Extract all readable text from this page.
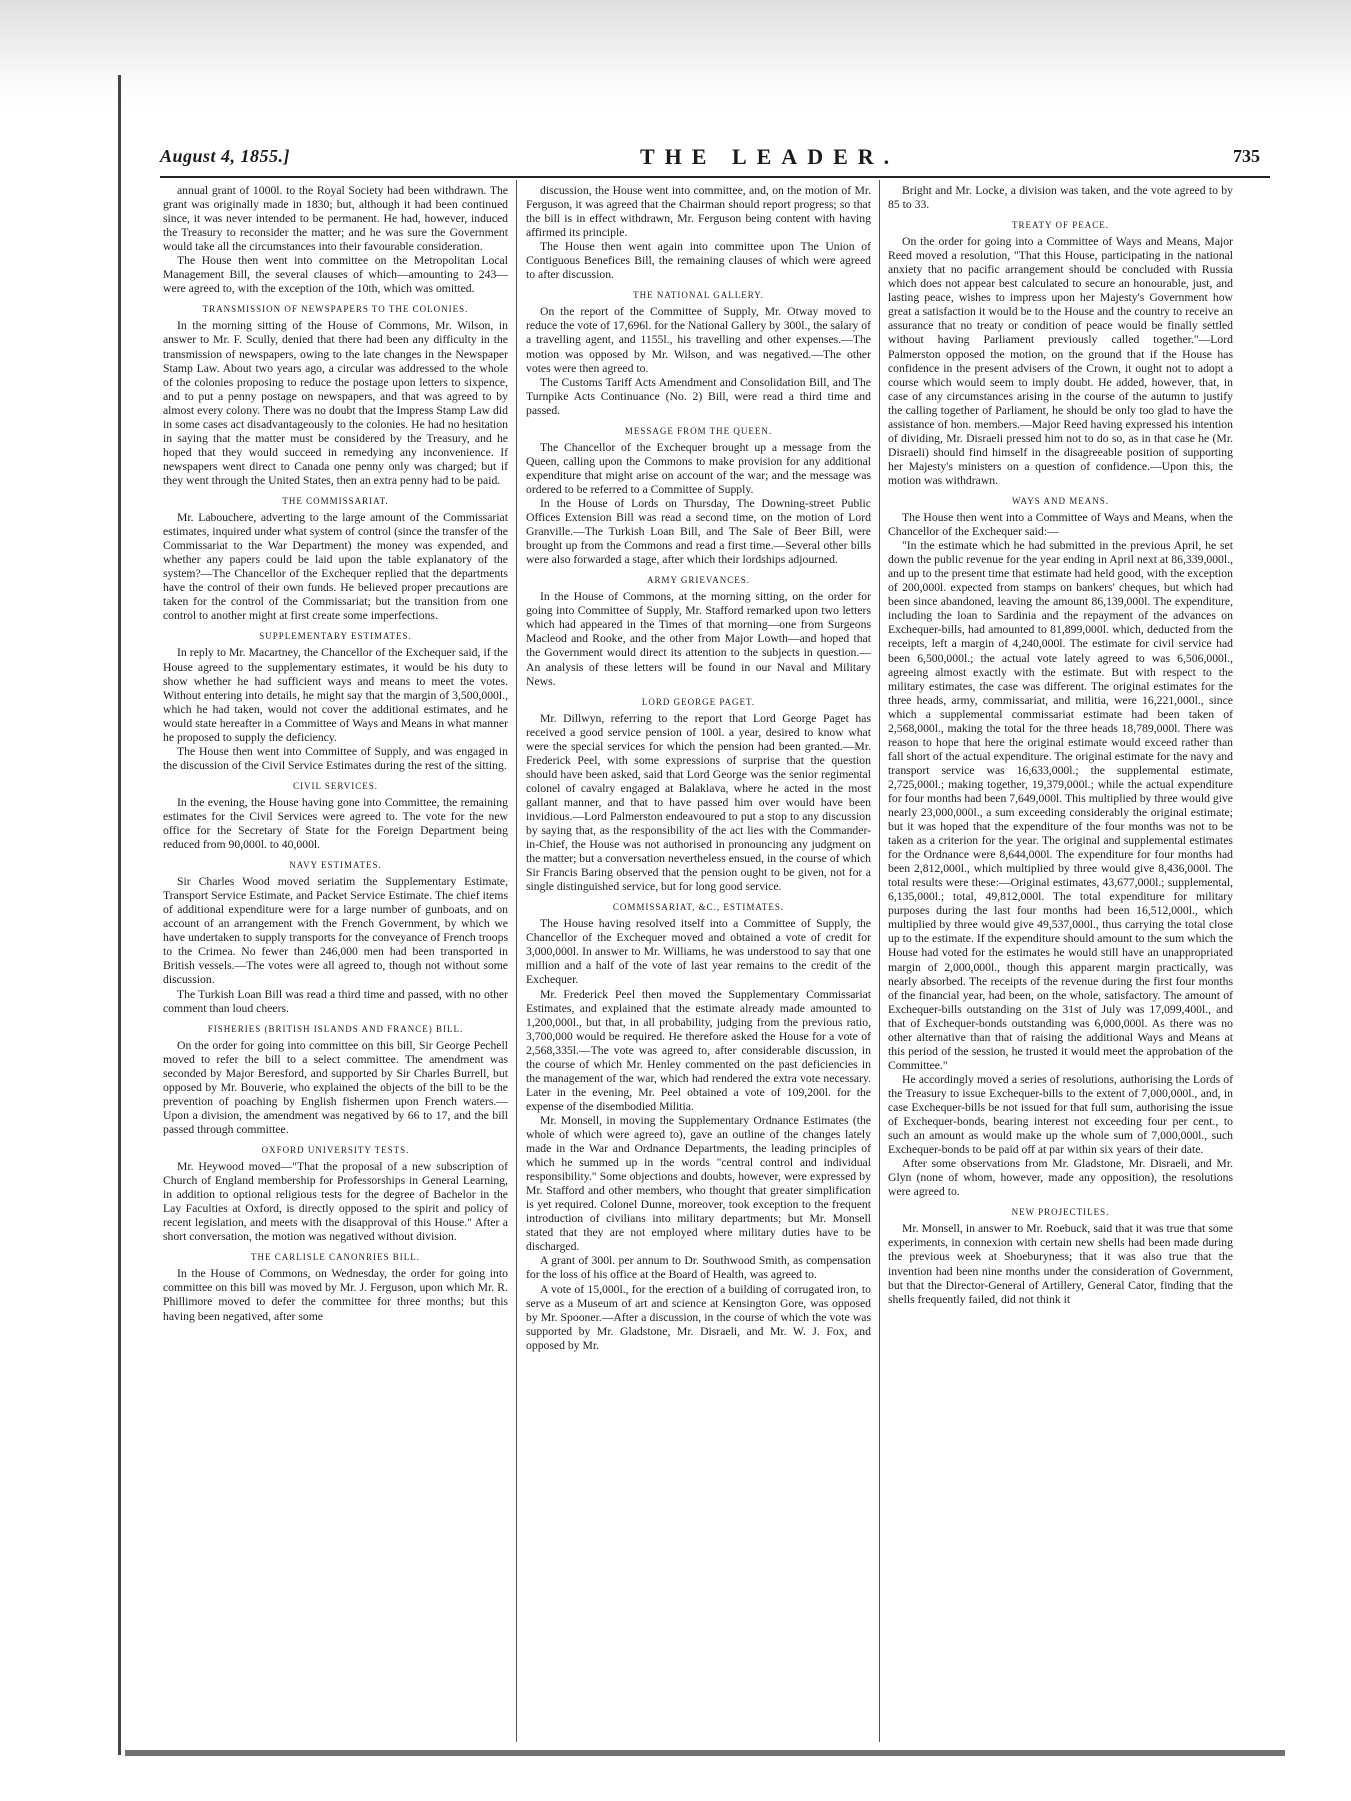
August 4, 1855.]	THE LEADER.	735

annual grant of 1000l. to the Royal Society had been withdrawn. The grant was originally made in 1830; but, although it had been continued since, it was never intended to be permanent. He had, however, induced the Treasury to reconsider the matter; and he was sure the Government would take all the circumstances into their favourable consideration.

The House then went into committee on the Metropolitan Local Management Bill, the several clauses of which—amounting to 243—were agreed to, with the exception of the 10th, which was omitted.

TRANSMISSION OF NEWSPAPERS TO THE COLONIES.

In the morning sitting of the House of Commons, Mr. Wilson, in answer to Mr. F. Scully, denied that there had been any difficulty in the transmission of newspapers, owing to the late changes in the Newspaper Stamp Law. About two years ago, a circular was addressed to the whole of the colonies proposing to reduce the postage upon letters to sixpence, and to put a penny postage on newspapers, and that was agreed to by almost every colony. There was no doubt that the Impress Stamp Law did in some cases act disadvantageously to the colonies. He had no hesitation in saying that the matter must be considered by the Treasury, and he hoped that they would succeed in remedying any inconvenience. If newspapers went direct to Canada one penny only was charged; but if they went through the United States, then an extra penny had to be paid.

THE COMMISSARIAT.

Mr. Labouchere, adverting to the large amount of the Commissariat estimates, inquired under what system of control (since the transfer of the Commissariat to the War Department) the money was expended, and whether any papers could be laid upon the table explanatory of the system?—The Chancellor of the Exchequer replied that the departments have the control of their own funds. He believed proper precautions are taken for the control of the Commissariat; but the transition from one control to another might at first create some imperfections.

SUPPLEMENTARY ESTIMATES.

In reply to Mr. Macartney, the Chancellor of the Exchequer said, if the House agreed to the supplementary estimates, it would be his duty to show whether he had sufficient ways and means to meet the votes. Without entering into details, he might say that the margin of 3,500,000l., which he had taken, would not cover the additional estimates, and he would state hereafter in a Committee of Ways and Means in what manner he proposed to supply the deficiency.

The House then went into Committee of Supply, and was engaged in the discussion of the Civil Service Estimates during the rest of the sitting.

CIVIL SERVICES.

In the evening, the House having gone into Committee, the remaining estimates for the Civil Services were agreed to. The vote for the new office for the Secretary of State for the Foreign Department being reduced from 90,000l. to 40,000l.

NAVY ESTIMATES.

Sir Charles Wood moved seriatim the Supplementary Estimate, Transport Service Estimate, and Packet Service Estimate. The chief items of additional expenditure were for a large number of gunboats, and on account of an arrangement with the French Government, by which we have undertaken to supply transports for the conveyance of French troops to the Crimea. No fewer than 246,000 men had been transported in British vessels.—The votes were all agreed to, though not without some discussion.

The Turkish Loan Bill was read a third time and passed, with no other comment than loud cheers.

FISHERIES (BRITISH ISLANDS AND FRANCE) BILL.

On the order for going into committee on this bill, Sir George Pechell moved to refer the bill to a select committee. The amendment was seconded by Major Beresford, and supported by Sir Charles Burrell, but opposed by Mr. Bouverie, who explained the objects of the bill to be the prevention of poaching by English fishermen upon French waters.—Upon a division, the amendment was negatived by 66 to 17, and the bill passed through committee.

OXFORD UNIVERSITY TESTS.

Mr. Heywood moved—"That the proposal of a new subscription of Church of England membership for Professorships in General Learning, in addition to optional religious tests for the degree of Bachelor in the Lay Faculties at Oxford, is directly opposed to the spirit and policy of recent legislation, and meets with the disapproval of this House." After a short conversation, the motion was negatived without division.

THE CARLISLE CANONRIES BILL.

In the House of Commons, on Wednesday, the order for going into committee on this bill was moved by Mr. J. Ferguson, upon which Mr. R. Phillimore moved to defer the committee for three months; but this having been negatived, after some

discussion, the House went into committee, and, on the motion of Mr. Ferguson, it was agreed that the Chairman should report progress; so that the bill is in effect withdrawn, Mr. Ferguson being content with having affirmed its principle.

The House then went again into committee upon The Union of Contiguous Benefices Bill, the remaining clauses of which were agreed to after discussion.

THE NATIONAL GALLERY.

On the report of the Committee of Supply, Mr. Otway moved to reduce the vote of 17,696l. for the National Gallery by 300l., the salary of a travelling agent, and 1155l., his travelling and other expenses.—The motion was opposed by Mr. Wilson, and was negatived.—The other votes were then agreed to.

The Customs Tariff Acts Amendment and Consolidation Bill, and The Turnpike Acts Continuance (No. 2) Bill, were read a third time and passed.

MESSAGE FROM THE QUEEN.

The Chancellor of the Exchequer brought up a message from the Queen, calling upon the Commons to make provision for any additional expenditure that might arise on account of the war; and the message was ordered to be referred to a Committee of Supply.

In the House of Lords on Thursday, The Downing-street Public Offices Extension Bill was read a second time, on the motion of Lord Granville.—The Turkish Loan Bill, and The Sale of Beer Bill, were brought up from the Commons and read a first time.—Several other bills were also forwarded a stage, after which their lordships adjourned.

ARMY GRIEVANCES.

In the House of Commons, at the morning sitting, on the order for going into Committee of Supply, Mr. Stafford remarked upon two letters which had appeared in the Times of that morning—one from Surgeons Macleod and Rooke, and the other from Major Lowth—and hoped that the Government would direct its attention to the subjects in question.—An analysis of these letters will be found in our Naval and Military News.

LORD GEORGE PAGET.

Mr. Dillwyn, referring to the report that Lord George Paget has received a good service pension of 100l. a year, desired to know what were the special services for which the pension had been granted.—Mr. Frederick Peel, with some expressions of surprise that the question should have been asked, said that Lord George was the senior regimental colonel of cavalry engaged at Balaklava, where he acted in the most gallant manner, and that to have passed him over would have been invidious.—Lord Palmerston endeavoured to put a stop to any discussion by saying that, as the responsibility of the act lies with the Commander-in-Chief, the House was not authorised in pronouncing any judgment on the matter; but a conversation nevertheless ensued, in the course of which Sir Francis Baring observed that the pension ought to be given, not for a single distinguished service, but for long good service.

COMMISSARIAT, &C., ESTIMATES.

The House having resolved itself into a Committee of Supply, the Chancellor of the Exchequer moved and obtained a vote of credit for 3,000,000l. In answer to Mr. Williams, he was understood to say that one million and a half of the vote of last year remains to the credit of the Exchequer.

Mr. Frederick Peel then moved the Supplementary Commissariat Estimates, and explained that the estimate already made amounted to 1,200,000l., but that, in all probability, judging from the previous ratio, 3,700,000 would be required. He therefore asked the House for a vote of 2,568,335l.—The vote was agreed to, after considerable discussion, in the course of which Mr. Henley commented on the past deficiencies in the management of the war, which had rendered the extra vote necessary. Later in the evening, Mr. Peel obtained a vote of 109,200l. for the expense of the disembodied Militia.

Mr. Monsell, in moving the Supplementary Ordnance Estimates (the whole of which were agreed to), gave an outline of the changes lately made in the War and Ordnance Departments, the leading principles of which he summed up in the words "central control and individual responsibility." Some objections and doubts, however, were expressed by Mr. Stafford and other members, who thought that greater simplification is yet required. Colonel Dunne, moreover, took exception to the frequent introduction of civilians into military departments; but Mr. Monsell stated that they are not employed where military duties have to be discharged.

A grant of 300l. per annum to Dr. Southwood Smith, as compensation for the loss of his office at the Board of Health, was agreed to.

A vote of 15,000l., for the erection of a building of corrugated iron, to serve as a Museum of art and science at Kensington Gore, was opposed by Mr. Spooner.—After a discussion, in the course of which the vote was supported by Mr. Gladstone, Mr. Disraeli, and Mr. W. J. Fox, and opposed by Mr.

Bright and Mr. Locke, a division was taken, and the vote agreed to by 85 to 33.

TREATY OF PEACE.

On the order for going into a Committee of Ways and Means, Major Reed moved a resolution, "That this House, participating in the national anxiety that no pacific arrangement should be concluded with Russia which does not appear best calculated to secure an honourable, just, and lasting peace, wishes to impress upon her Majesty's Government how great a satisfaction it would be to the House and the country to receive an assurance that no treaty or condition of peace would be finally settled without having Parliament previously called together."—Lord Palmerston opposed the motion, on the ground that if the House has confidence in the present advisers of the Crown, it ought not to adopt a course which would seem to imply doubt. He added, however, that, in case of any circumstances arising in the course of the autumn to justify the calling together of Parliament, he should be only too glad to have the assistance of hon. members.—Major Reed having expressed his intention of dividing, Mr. Disraeli pressed him not to do so, as in that case he (Mr. Disraeli) should find himself in the disagreeable position of supporting her Majesty's ministers on a question of confidence.—Upon this, the motion was withdrawn.

WAYS AND MEANS.

The House then went into a Committee of Ways and Means, when the Chancellor of the Exchequer said:—

"In the estimate which he had submitted in the previous April, he set down the public revenue for the year ending in April next at 86,339,000l., and up to the present time that estimate had held good, with the exception of 200,000l. expected from stamps on bankers' cheques, but which had been since abandoned, leaving the amount 86,139,000l. The expenditure, including the loan to Sardinia and the repayment of the advances on Exchequer-bills, had amounted to 81,899,000l. which, deducted from the receipts, left a margin of 4,240,000l. The estimate for civil service had been 6,500,000l.; the actual vote lately agreed to was 6,506,000l., agreeing almost exactly with the estimate. But with respect to the military estimates, the case was different. The original estimates for the three heads, army, commissariat, and militia, were 16,221,000l., since which a supplemental commissariat estimate had been taken of 2,568,000l., making the total for the three heads 18,789,000l. There was reason to hope that here the original estimate would exceed rather than fall short of the actual expenditure. The original estimate for the navy and transport service was 16,633,000l.; the supplemental estimate, 2,725,000l.; making together, 19,379,000l.; while the actual expenditure for four months had been 7,649,000l. This multiplied by three would give nearly 23,000,000l., a sum exceeding considerably the original estimate; but it was hoped that the expenditure of the four months was not to be taken as a criterion for the year. The original and supplemental estimates for the Ordnance were 8,644,000l. The expenditure for four months had been 2,812,000l., which multiplied by three would give 8,436,000l. The total results were these:—Original estimates, 43,677,000l.; supplemental, 6,135,000l.; total, 49,812,000l. The total expenditure for military purposes during the last four months had been 16,512,000l., which multiplied by three would give 49,537,000l., thus carrying the total close up to the estimate. If the expenditure should amount to the sum which the House had voted for the estimates he would still have an unappropriated margin of 2,000,000l., though this apparent margin practically, was nearly absorbed. The receipts of the revenue during the first four months of the financial year, had been, on the whole, satisfactory. The amount of Exchequer-bills outstanding on the 31st of July was 17,099,400l., and that of Exchequer-bonds outstanding was 6,000,000l. As there was no other alternative than that of raising the additional Ways and Means at this period of the session, he trusted it would meet the approbation of the Committee."

He accordingly moved a series of resolutions, authorising the Lords of the Treasury to issue Exchequer-bills to the extent of 7,000,000l., and, in case Exchequer-bills be not issued for that full sum, authorising the issue of Exchequer-bonds, bearing interest not exceeding four per cent., to such an amount as would make up the whole sum of 7,000,000l., such Exchequer-bonds to be paid off at par within six years of their date.

After some observations from Mr. Gladstone, Mr. Disraeli, and Mr. Glyn (none of whom, however, made any opposition), the resolutions were agreed to.

NEW PROJECTILES.

Mr. Monsell, in answer to Mr. Roebuck, said that it was true that some experiments, in connexion with certain new shells had been made during the previous week at Shoeburyness; that it was also true that the invention had been nine months under the consideration of Government, but that the Director-General of Artillery, General Cator, finding that the shells frequently failed, did not think it
